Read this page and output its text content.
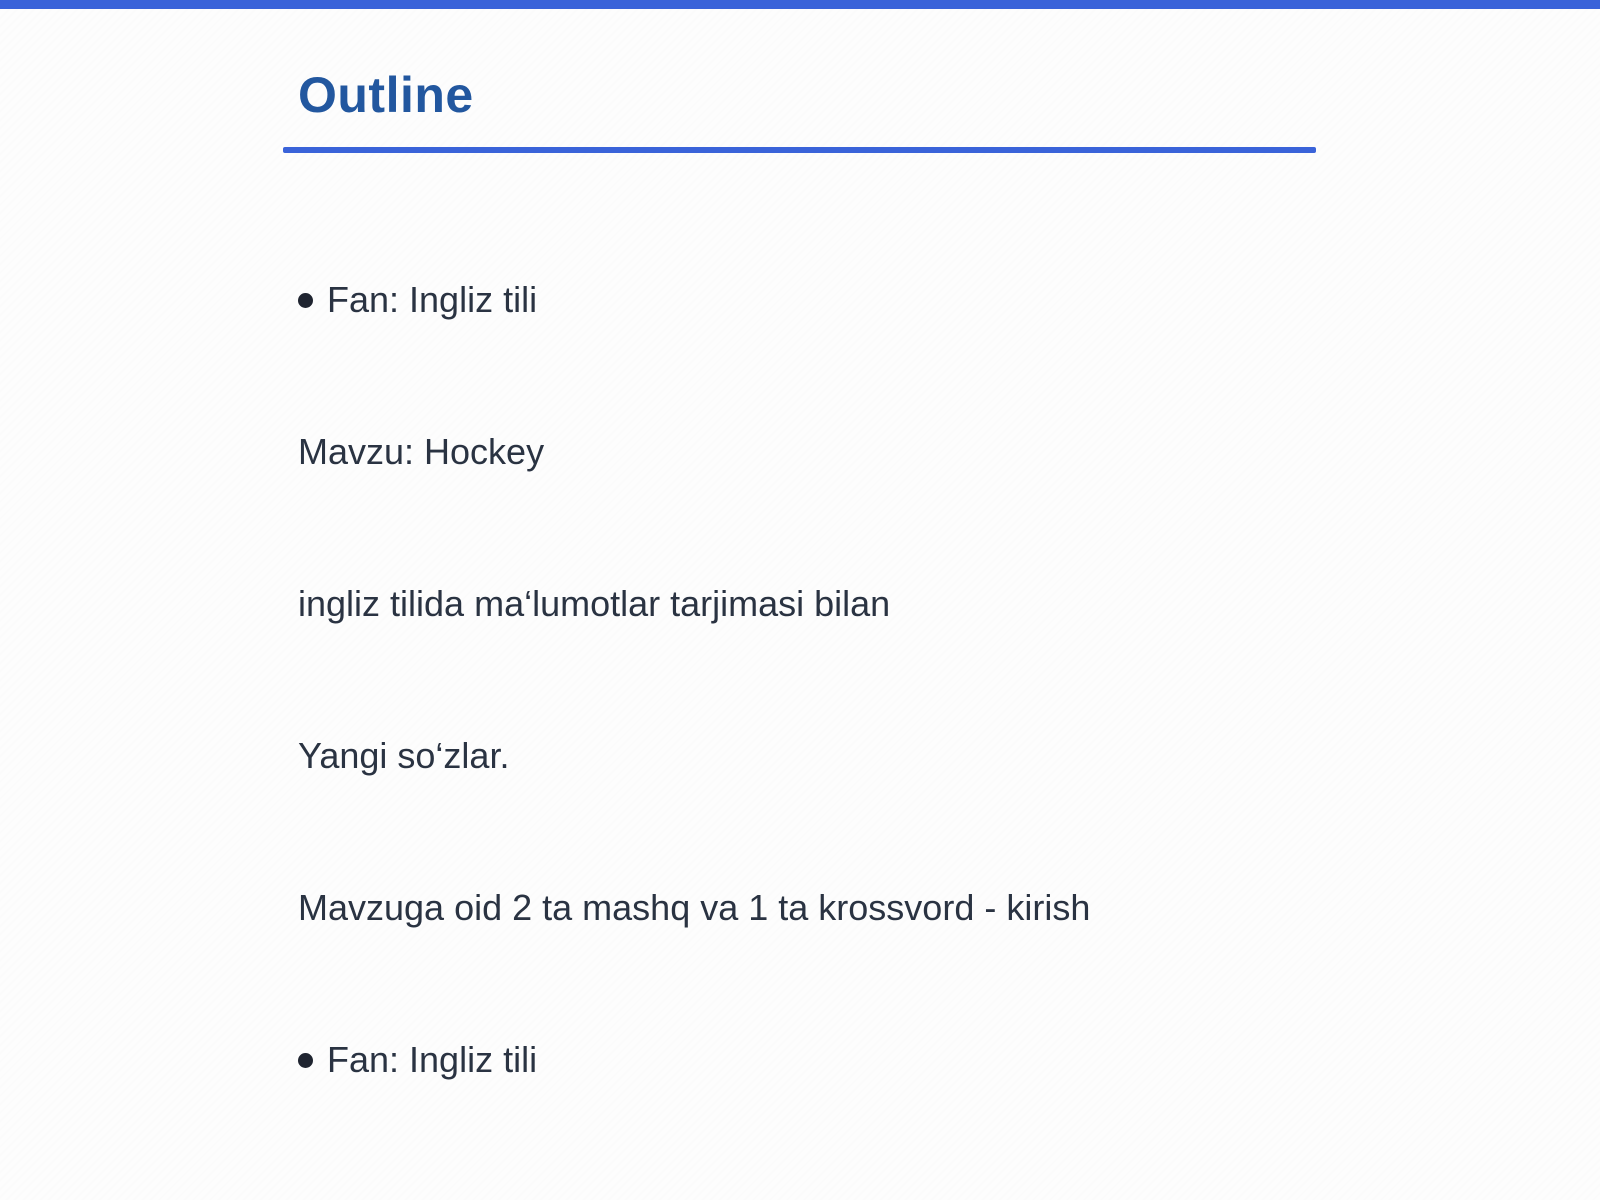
Outline
Fan: Ingliz tili
Mavzu: Hockey
ingliz tilida ma‘lumotlar tarjimasi bilan
Yangi so‘zlar.
Mavzuga oid 2 ta mashq va 1 ta krossvord - kirish
Fan: Ingliz tili
